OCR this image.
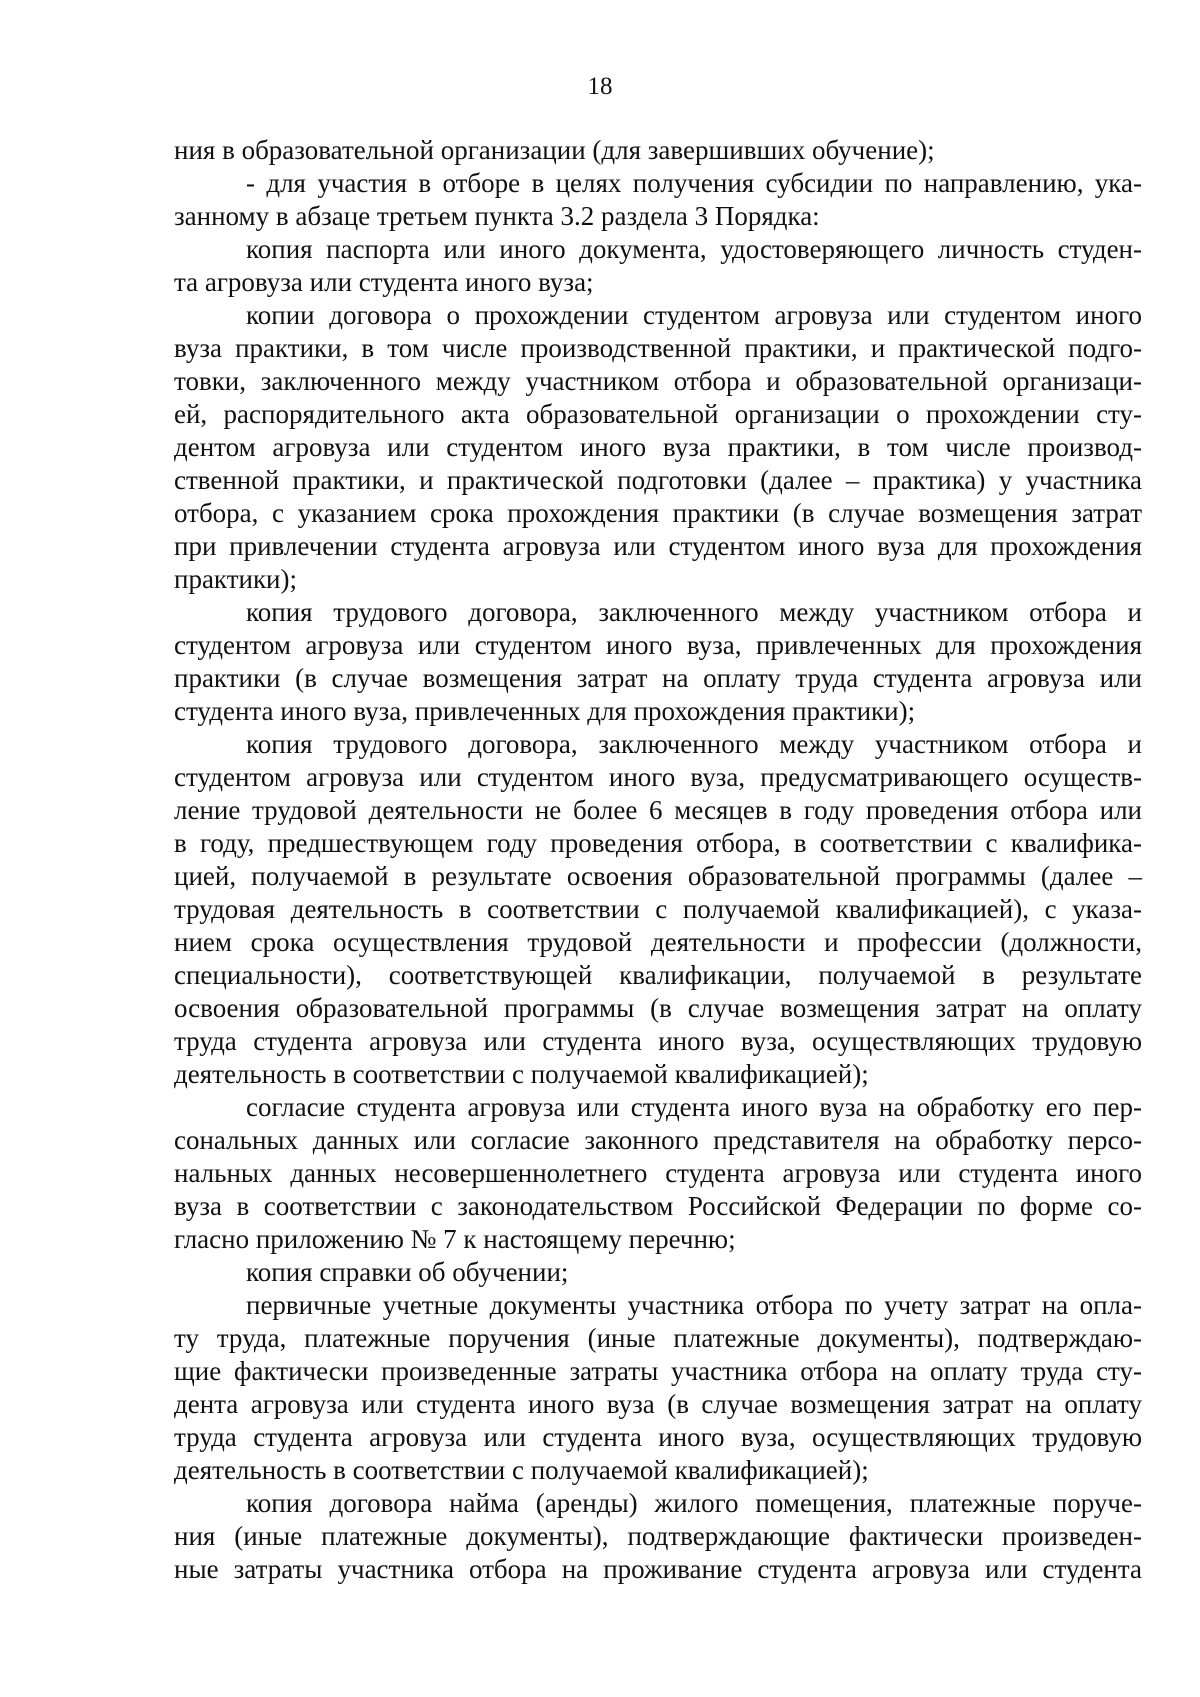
18
ния в образовательной организации (для завершивших обучение);
- для участия в отборе в целях получения субсидии по направлению, ука-
занному в абзаце третьем пункта 3.2 раздела 3 Порядка:
копия паспорта или иного документа, удостоверяющего личность студен-
та агровуза или студента иного вуза;
копии договора о прохождении студентом агровуза или студентом иного
вуза практики, в том числе производственной практики, и практической подго-
товки, заключенного между участником отбора и образовательной организаци-
ей, распорядительного акта образовательной организации о прохождении сту-
дентом агровуза или студентом иного вуза практики, в том числе производ-
ственной практики, и практической подготовки (далее – практика) у участника
отбора, с указанием срока прохождения практики (в случае возмещения затрат
при привлечении студента агровуза или студентом иного вуза для прохождения
практики);
копия трудового договора, заключенного между участником отбора и
студентом агровуза или студентом иного вуза, привлеченных для прохождения
практики (в случае возмещения затрат на оплату труда студента агровуза или
студента иного вуза, привлеченных для прохождения практики);
копия трудового договора, заключенного между участником отбора и
студентом агровуза или студентом иного вуза, предусматривающего осуществ-
ление трудовой деятельности не более 6 месяцев в году проведения отбора или
в году, предшествующем году проведения отбора, в соответствии с квалифика-
цией, получаемой в результате освоения образовательной программы (далее –
трудовая деятельность в соответствии с получаемой квалификацией), с указа-
нием срока осуществления трудовой деятельности и профессии (должности,
специальности), соответствующей квалификации, получаемой в результате
освоения образовательной программы (в случае возмещения затрат на оплату
труда студента агровуза или студента иного вуза, осуществляющих трудовую
деятельность в соответствии с получаемой квалификацией);
согласие студента агровуза или студента иного вуза на обработку его пер-
сональных данных или согласие законного представителя на обработку персо-
нальных данных несовершеннолетнего студента агровуза или студента иного
вуза в соответствии с законодательством Российской Федерации по форме со-
гласно приложению № 7 к настоящему перечню;
копия справки об обучении;
первичные учетные документы участника отбора по учету затрат на опла-
ту труда, платежные поручения (иные платежные документы), подтверждаю-
щие фактически произведенные затраты участника отбора на оплату труда сту-
дента агровуза или студента иного вуза (в случае возмещения затрат на оплату
труда студента агровуза или студента иного вуза, осуществляющих трудовую
деятельность в соответствии с получаемой квалификацией);
копия договора найма (аренды) жилого помещения, платежные поруче-
ния (иные платежные документы), подтверждающие фактически произведен-
ные затраты участника отбора на проживание студента агровуза или студента
